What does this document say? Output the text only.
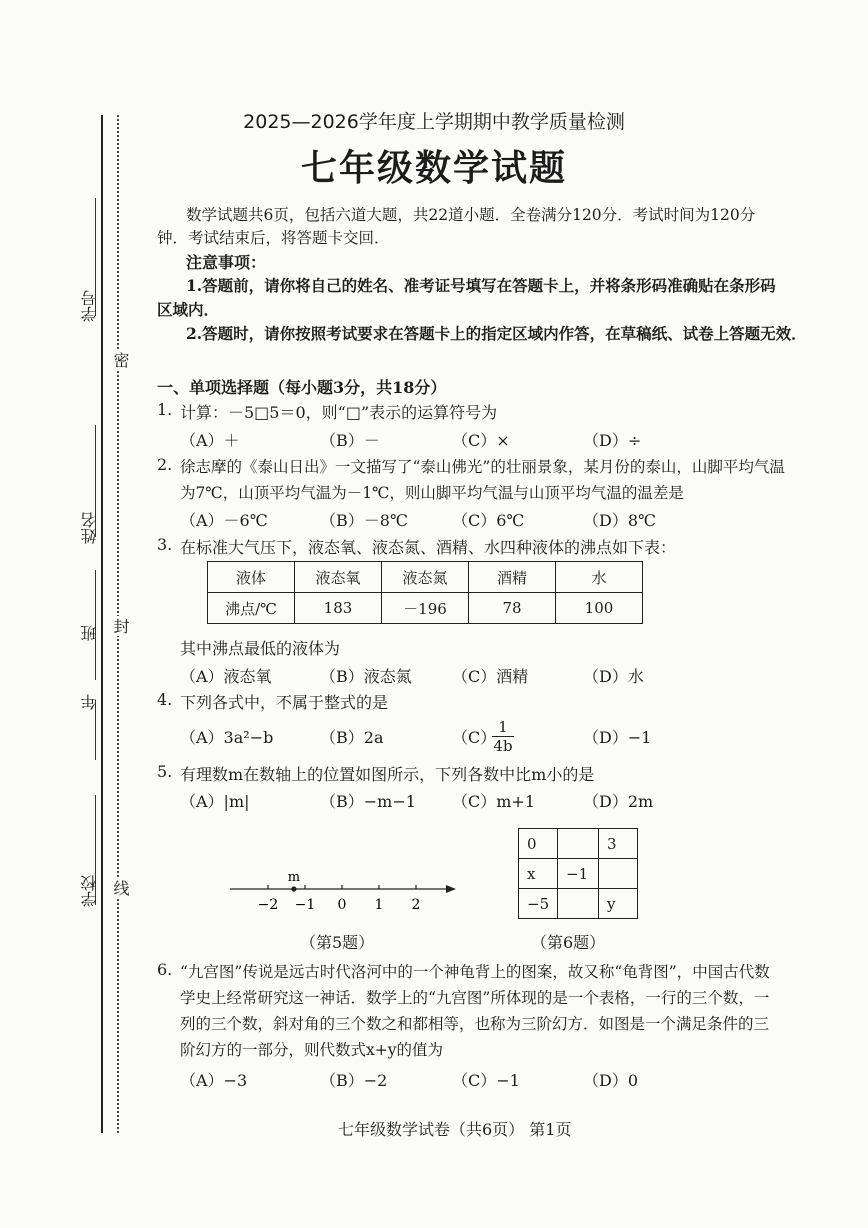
学号
姓名
班
年
学校
密
封
线
2025—2026学年度上学期期中教学质量检测
七年级数学试题
数学试题共6页，包括六道大题，共22道小题．全卷满分120分．考试时间为120分
钟．考试结束后，将答题卡交回．
注意事项：
1.答题前，请你将自己的姓名、准考证号填写在答题卡上，并将条形码准确贴在条形码
区域内．
2.答题时，请你按照考试要求在答题卡上的指定区域内作答，在草稿纸、试卷上答题无效．
一、单项选择题（每小题3分，共18分）
1. 计算：－5□5＝0，则“□”表示的运算符号为
（A）＋	（B）－	（C）×	（D）÷
2. 徐志摩的《泰山日出》一文描写了“泰山佛光”的壮丽景象，某月份的泰山，山脚平均气温
为7℃，山顶平均气温为－1℃，则山脚平均气温与山顶平均气温的温差是
（A）－6℃	（B）－8℃	（C）6℃	（D）8℃
3. 在标准大气压下，液态氧、液态氮、酒精、水四种液体的沸点如下表：
液体	液态氧	液态氮	酒精	水
沸点/℃	183	－196	78	100
其中沸点最低的液体为
（A）液态氧	（B）液态氮	（C）酒精	（D）水
4. 下列各式中，不属于整式的是
（A）3a²−b	（B）2a	（C）
$\frac{1}{4b}$	（D）−1
5. 有理数m在数轴上的位置如图所示，下列各数中比m小的是
（A）|m|	（B）−m−1 （C）m+1	（D）2m
−2 −1 0 1 2
m
（第5题）
0		3
x	−1	
−5		y
（第6题）
6. “九宫图”传说是远古时代洛河中的一个神龟背上的图案，故又称“龟背图”，中国古代数
学史上经常研究这一神话．数学上的“九宫图”所体现的是一个表格，一行的三个数，一
列的三个数，斜对角的三个数之和都相等，也称为三阶幻方．如图是一个满足条件的三
阶幻方的一部分，则代数式x+y的值为
（A）−3	（B）−2	（C）−1	（D）0
七年级数学试卷（共6页） 第1页
